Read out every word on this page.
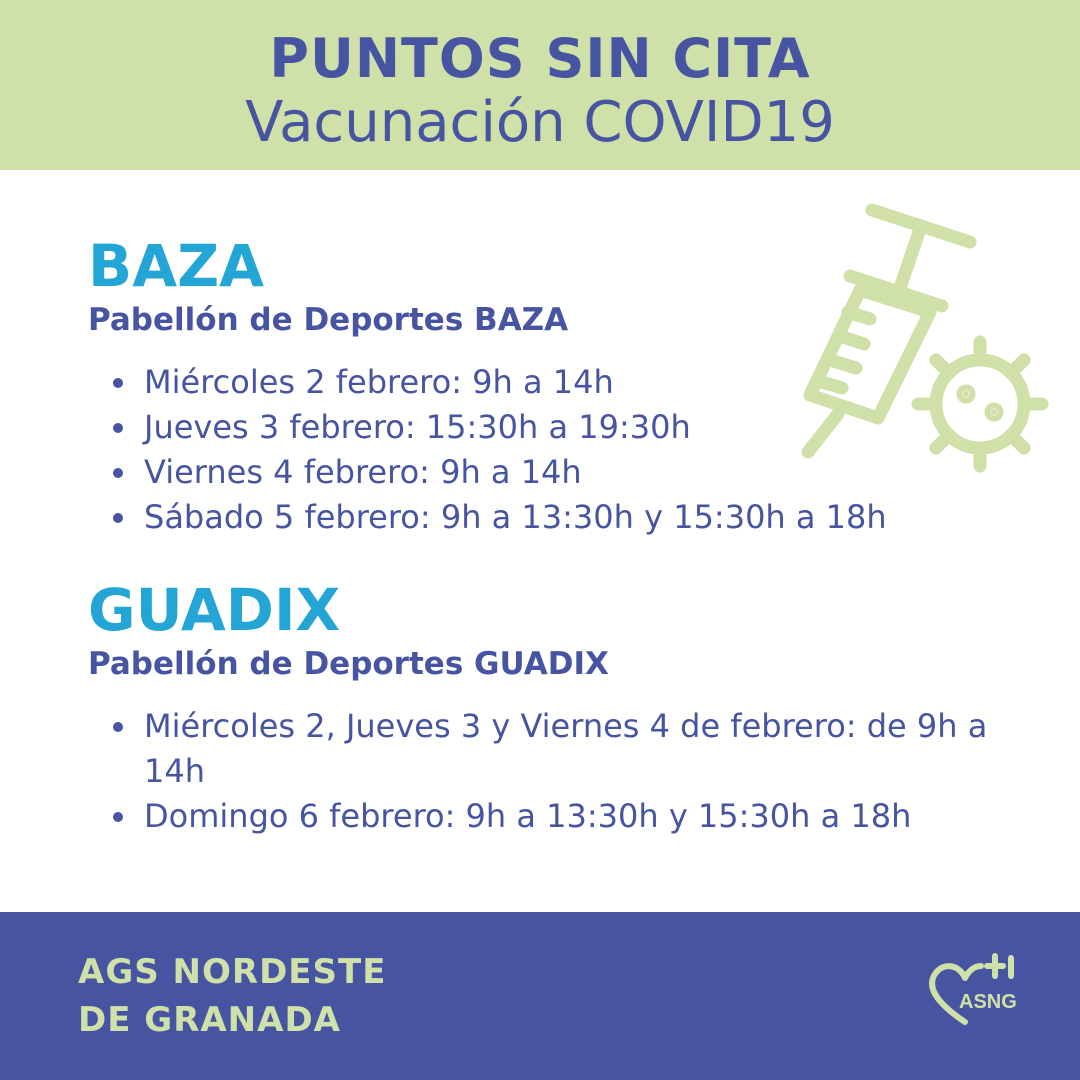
PUNTOS SIN CITA
Vacunación COVID19
BAZA
Pabellón de Deportes BAZA
Miércoles 2 febrero: 9h a 14h
Jueves 3 febrero: 15:30h a 19:30h
Viernes 4 febrero: 9h a 14h
Sábado 5 febrero: 9h a 13:30h y 15:30h a 18h
GUADIX
Pabellón de Deportes GUADIX
Miércoles 2, Jueves 3 y Viernes 4 de febrero: de 9h a 14h
Domingo 6 febrero: 9h a 13:30h y 15:30h a 18h
AGS NORDESTE
DE GRANADA	ASNG
